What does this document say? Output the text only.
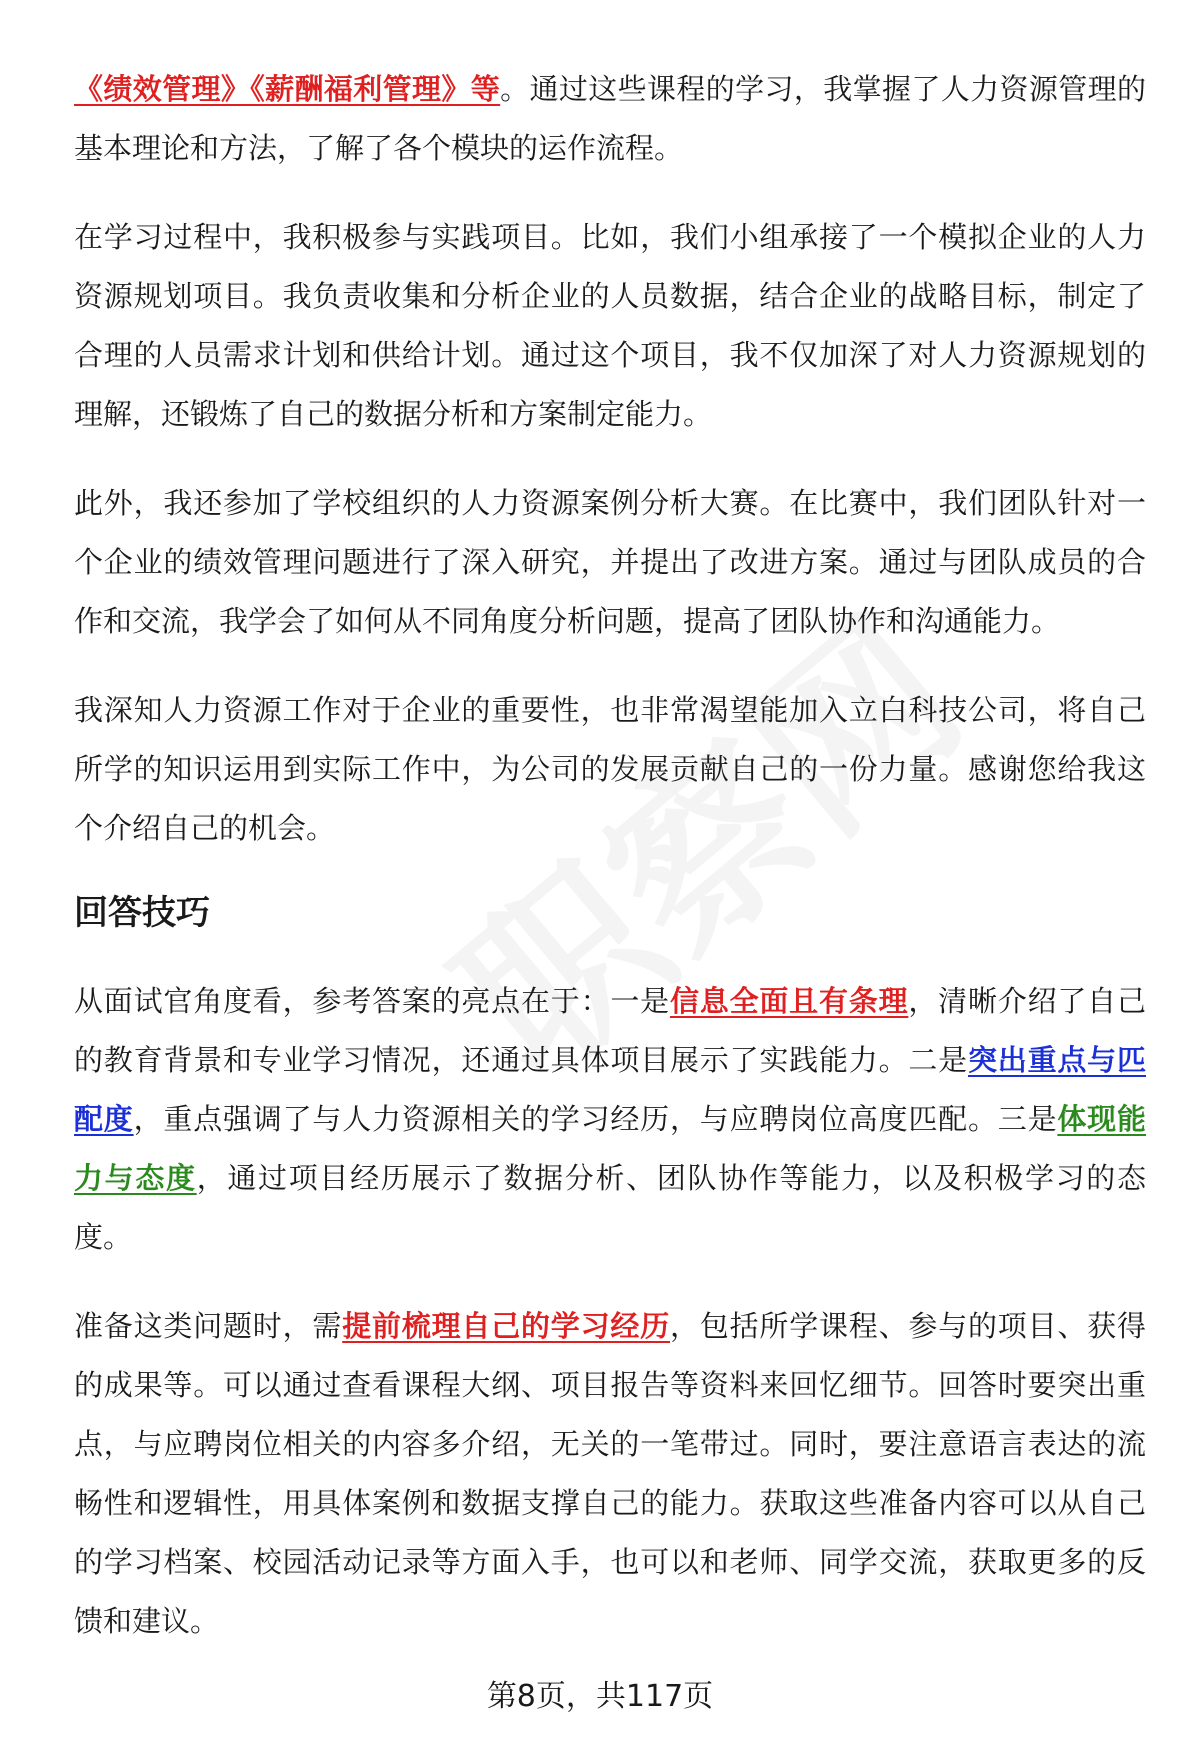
《绩效管理》《薪酬福利管理》等。通过这些课程的学习，我掌握了人力资源管理的基本理论和方法，了解了各个模块的运作流程。

在学习过程中，我积极参与实践项目。比如，我们小组承接了一个模拟企业的人力资源规划项目。我负责收集和分析企业的人员数据，结合企业的战略目标，制定了合理的人员需求计划和供给计划。通过这个项目，我不仅加深了对人力资源规划的理解，还锻炼了自己的数据分析和方案制定能力。

此外，我还参加了学校组织的人力资源案例分析大赛。在比赛中，我们团队针对一个企业的绩效管理问题进行了深入研究，并提出了改进方案。通过与团队成员的合作和交流，我学会了如何从不同角度分析问题，提高了团队协作和沟通能力。

我深知人力资源工作对于企业的重要性，也非常渴望能加入立白科技公司，将自己所学的知识运用到实际工作中，为公司的发展贡献自己的一份力量。感谢您给我这个介绍自己的机会。

回答技巧

从面试官角度看，参考答案的亮点在于：一是信息全面且有条理，清晰介绍了自己的教育背景和专业学习情况，还通过具体项目展示了实践能力。二是突出重点与匹配度，重点强调了与人力资源相关的学习经历，与应聘岗位高度匹配。三是体现能力与态度，通过项目经历展示了数据分析、团队协作等能力，以及积极学习的态度。

准备这类问题时，需提前梳理自己的学习经历，包括所学课程、参与的项目、获得的成果等。可以通过查看课程大纲、项目报告等资料来回忆细节。回答时要突出重点，与应聘岗位相关的内容多介绍，无关的一笔带过。同时，要注意语言表达的流畅性和逻辑性，用具体案例和数据支撑自己的能力。获取这些准备内容可以从自己的学习档案、校园活动记录等方面入手，也可以和老师、同学交流，获取更多的反馈和建议。

第8页，共117页
